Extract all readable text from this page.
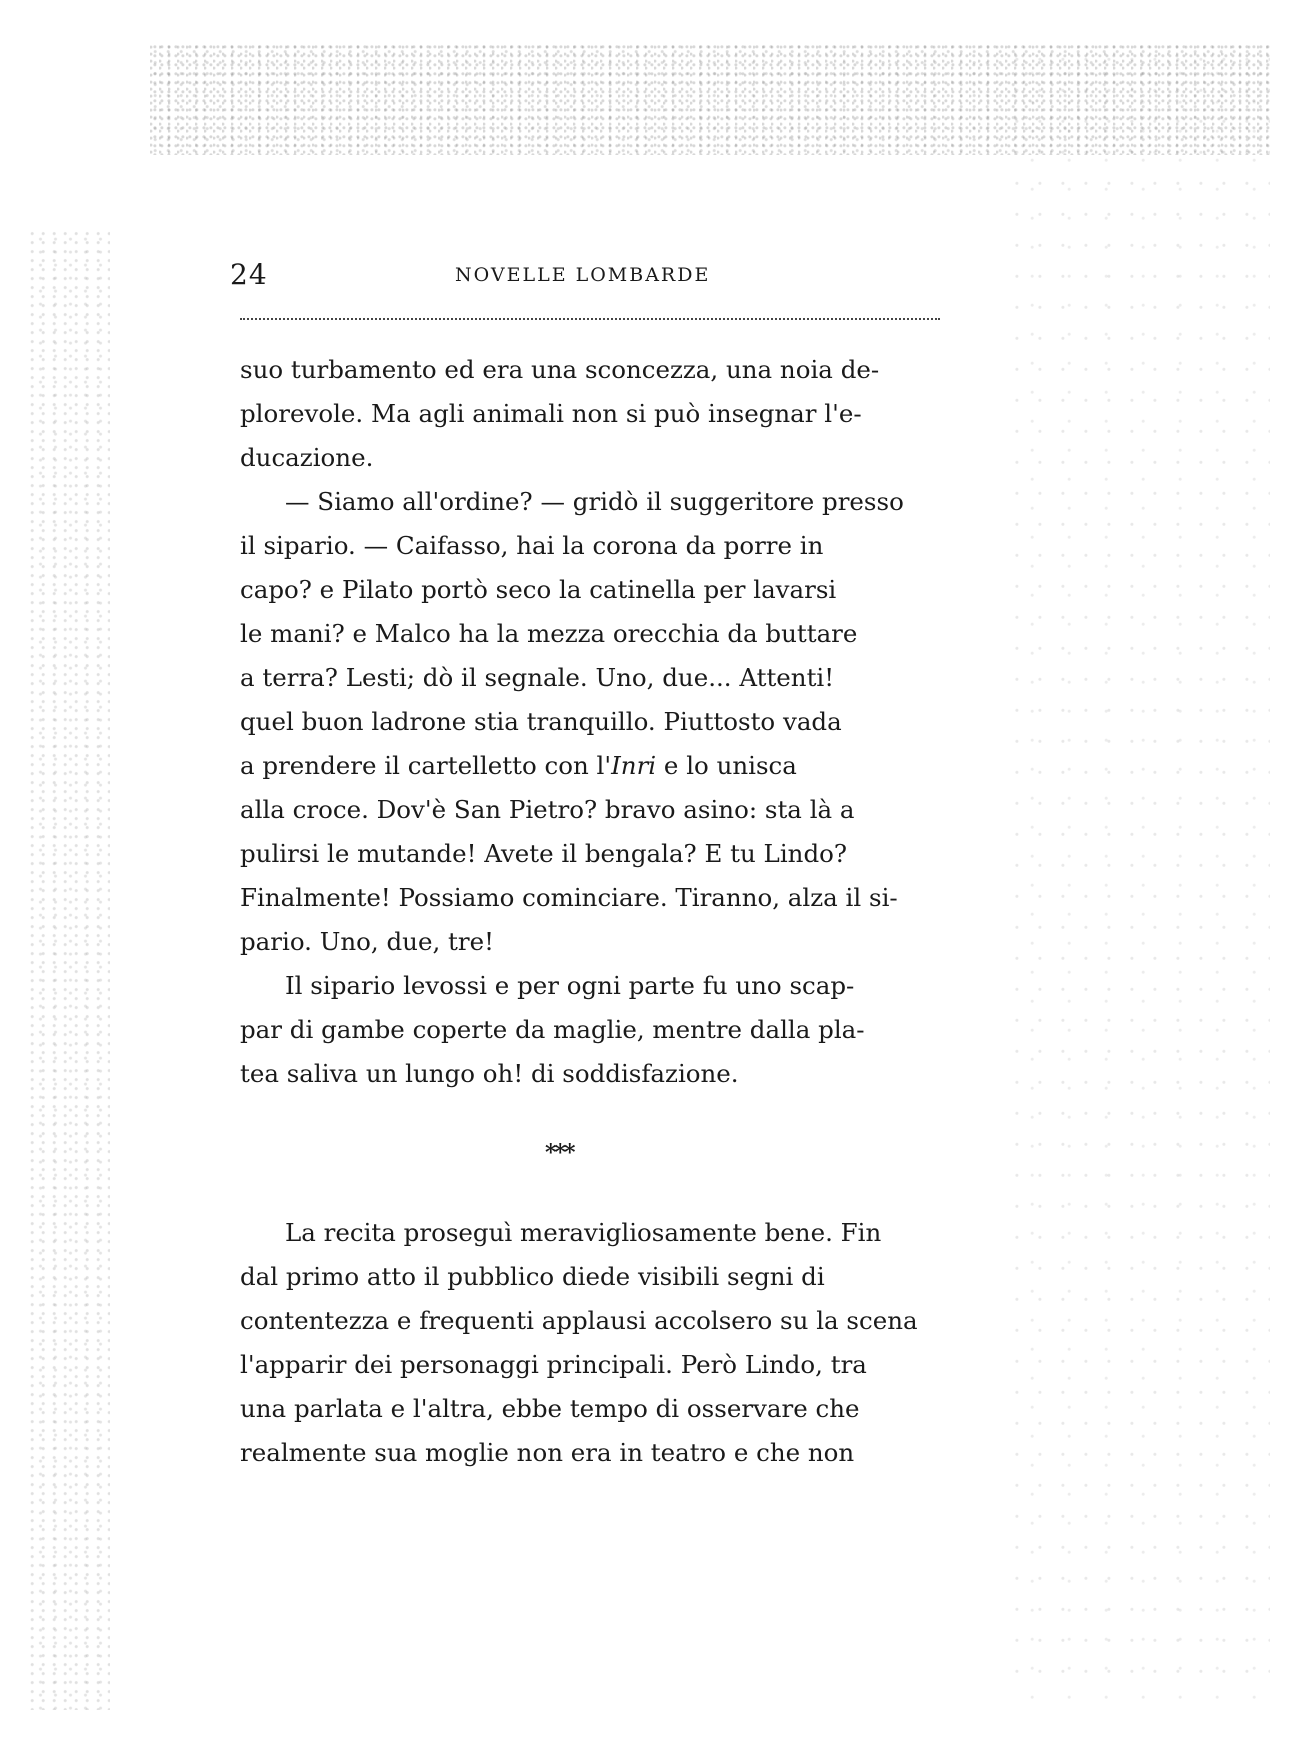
24	NOVELLE LOMBARDE

suo turbamento ed era una sconcezza, una noia de-
plorevole. Ma agli animali non si può insegnar l'e-
ducazione.

— Siamo all'ordine? — gridò il suggeritore presso
il sipario. — Caifasso, hai la corona da porre in
capo? e Pilato portò seco la catinella per lavarsi
le mani? e Malco ha la mezza orecchia da buttare
a terra? Lesti; dò il segnale. Uno, due... Attenti!
quel buon ladrone stia tranquillo. Piuttosto vada
a prendere il cartelletto con l'Inri e lo unisca
alla croce. Dov'è San Pietro? bravo asino: sta là a
pulirsi le mutande! Avete il bengala? E tu Lindo?
Finalmente! Possiamo cominciare. Tiranno, alza il si-
pario. Uno, due, tre!

Il sipario levossi e per ogni parte fu uno scap-
par di gambe coperte da maglie, mentre dalla pla-
tea saliva un lungo oh! di soddisfazione.

***

La recita proseguì meravigliosamente bene. Fin
dal primo atto il pubblico diede visibili segni di
contentezza e frequenti applausi accolsero su la scena
l'apparir dei personaggi principali. Però Lindo, tra
una parlata e l'altra, ebbe tempo di osservare che
realmente sua moglie non era in teatro e che non
